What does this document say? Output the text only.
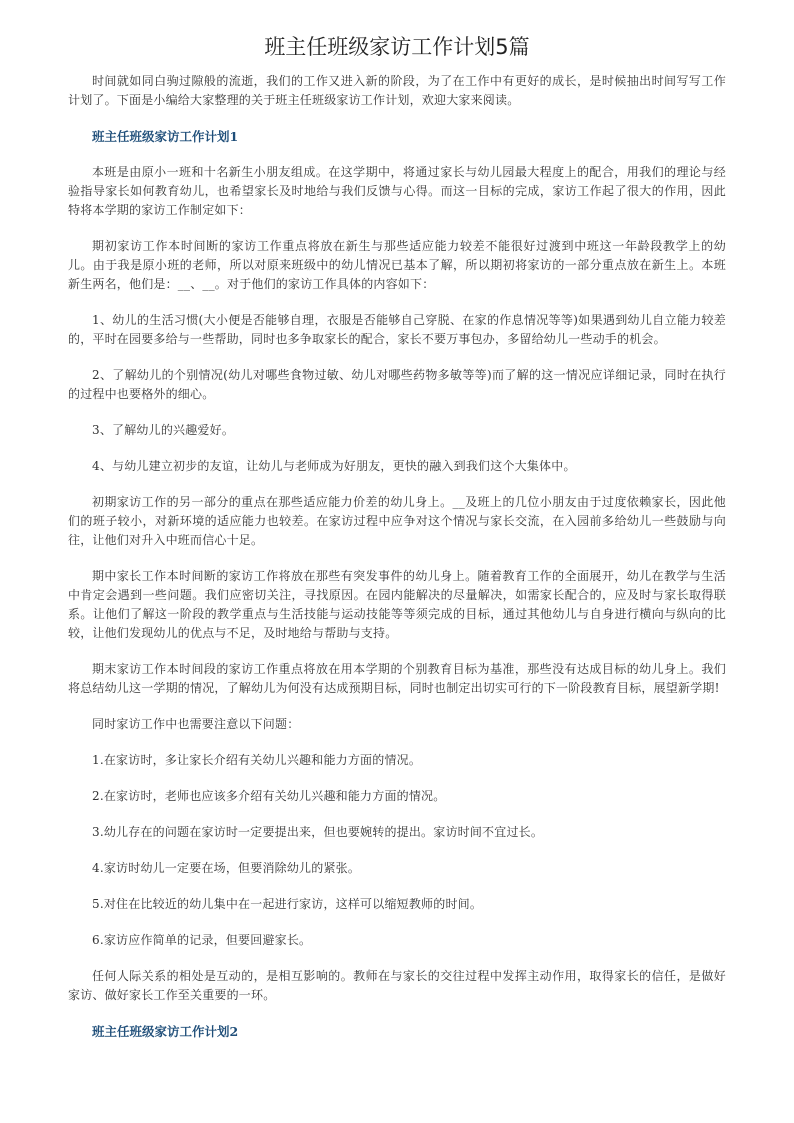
班主任班级家访工作计划5篇

时间就如同白驹过隙般的流逝，我们的工作又进入新的阶段，为了在工作中有更好的成长，是时候抽出时间写写工作计划了。下面是小编给大家整理的关于班主任班级家访工作计划，欢迎大家来阅读。

班主任班级家访工作计划1

本班是由原小一班和十名新生小朋友组成。在这学期中，将通过家长与幼儿园最大程度上的配合，用我们的理论与经验指导家长如何教育幼儿，也希望家长及时地给与我们反馈与心得。而这一目标的完成，家访工作起了很大的作用，因此特将本学期的家访工作制定如下：

期初家访工作本时间断的家访工作重点将放在新生与那些适应能力较差不能很好过渡到中班这一年龄段教学上的幼儿。由于我是原小班的老师，所以对原来班级中的幼儿情况已基本了解，所以期初将家访的一部分重点放在新生上。本班新生两名，他们是：__、__。对于他们的家访工作具体的内容如下：

1、幼儿的生活习惯(大小便是否能够自理，衣服是否能够自己穿脱、在家的作息情况等等)如果遇到幼儿自立能力较差的，平时在园要多给与一些帮助，同时也多争取家长的配合，家长不要万事包办，多留给幼儿一些动手的机会。

2、了解幼儿的个别情况(幼儿对哪些食物过敏、幼儿对哪些药物多敏等等)而了解的这一情况应详细记录，同时在执行的过程中也要格外的细心。

3、了解幼儿的兴趣爱好。

4、与幼儿建立初步的友谊，让幼儿与老师成为好朋友，更快的融入到我们这个大集体中。

初期家访工作的另一部分的重点在那些适应能力价差的幼儿身上。__及班上的几位小朋友由于过度依赖家长，因此他们的班子较小，对新环境的适应能力也较差。在家访过程中应争对这个情况与家长交流，在入园前多给幼儿一些鼓励与向往，让他们对升入中班而信心十足。

期中家长工作本时间断的家访工作将放在那些有突发事件的幼儿身上。随着教育工作的全面展开，幼儿在教学与生活中肯定会遇到一些问题。我们应密切关注，寻找原因。在园内能解决的尽量解决，如需家长配合的，应及时与家长取得联系。让他们了解这一阶段的教学重点与生活技能与运动技能等等须完成的目标，通过其他幼儿与自身进行横向与纵向的比较，让他们发现幼儿的优点与不足，及时地给与帮助与支持。

期末家访工作本时间段的家访工作重点将放在用本学期的个别教育目标为基准，那些没有达成目标的幼儿身上。我们将总结幼儿这一学期的情况，了解幼儿为何没有达成预期目标，同时也制定出切实可行的下一阶段教育目标，展望新学期!

同时家访工作中也需要注意以下问题：

1.在家访时，多让家长介绍有关幼儿兴趣和能力方面的情况。

2.在家访时，老师也应该多介绍有关幼儿兴趣和能力方面的情况。

3.幼儿存在的问题在家访时一定要提出来，但也要婉转的提出。家访时间不宜过长。

4.家访时幼儿一定要在场，但要消除幼儿的紧张。

5.对住在比较近的幼儿集中在一起进行家访，这样可以缩短教师的时间。

6.家访应作简单的记录，但要回避家长。

任何人际关系的相处是互动的，是相互影响的。教师在与家长的交往过程中发挥主动作用，取得家长的信任，是做好家访、做好家长工作至关重要的一环。

班主任班级家访工作计划2
